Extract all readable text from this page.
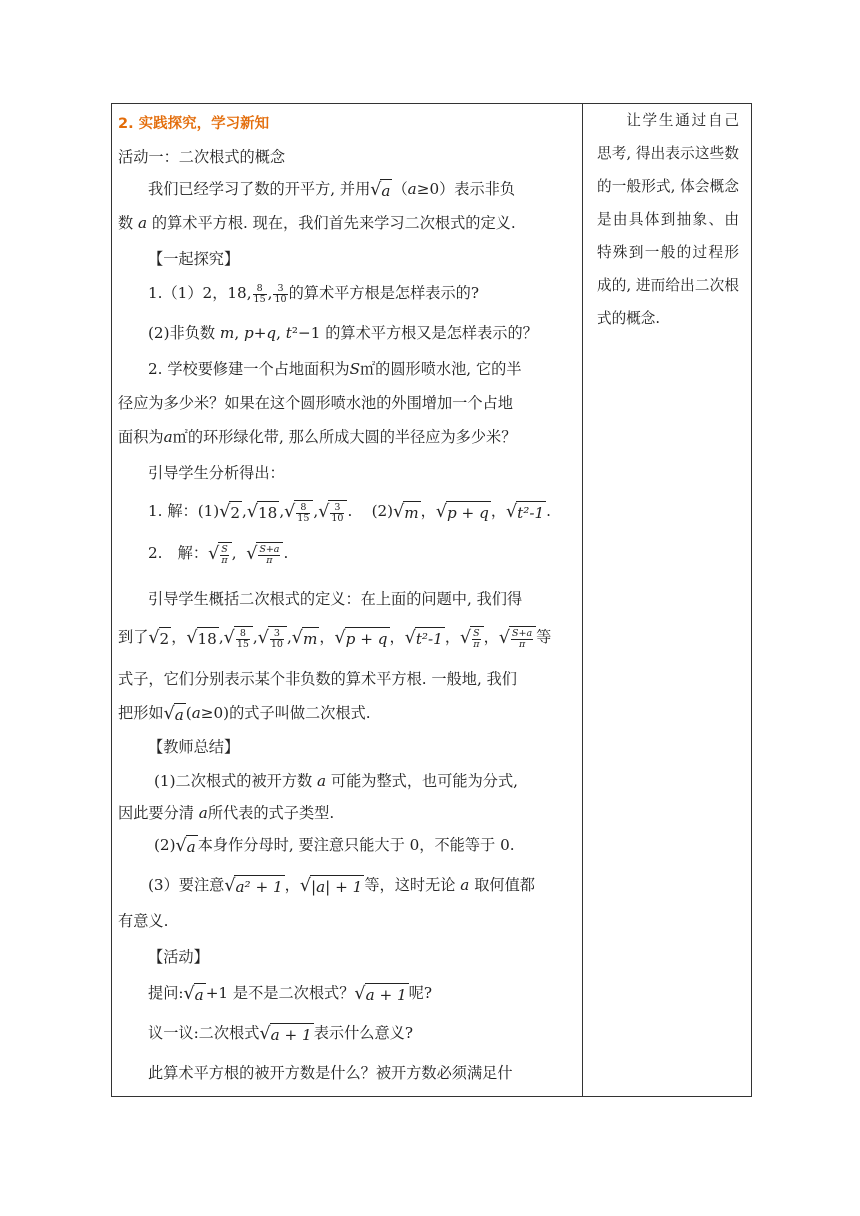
2. 实践探究，学习新知
活动一：二次根式的概念
我们已经学习了数的开平方, 并用√a （a≥0）表示非负
数 a 的算术平方根. 现在，我们首先来学习二次根式的定义.
【一起探究】
1.（1）2，18, $\frac{8}{15}$ , $\frac{3}{10}$ 的算术平方根是怎样表示的?
(2)非负数 m, p+q, t²−1 的算术平方根又是怎样表示的？
2. 学校要修建一个占地面积为S㎡的圆形喷水池, 它的半
径应为多少米？如果在这个圆形喷水池的外围增加一个占地
面积为a㎡的环形绿化带, 那么所成大圆的半径应为多少米？
引导学生分析得出：
1. 解：(1)√2 ,√18 ,√ $\frac{8}{15}$ ,√ $\frac{3}{10}$ .    (2)√m ，√p + q ，√t²-1 .
2.　解：√ $\frac{S}{\pi}$ ,  √ $\frac{S+a}{\pi}$ .
引导学生概括二次根式的定义：在上面的问题中, 我们得
到了√2 ，√18 ,√ $\frac{8}{15}$ ,√ $\frac{3}{10} ,√m$ ，√p + q ，√t²-1 ，√ $\frac{S}{\pi}$ ，√ $\frac{S+a}{\pi}$ 等
式子，它们分别表示某个非负数的算术平方根. 一般地, 我们
把形如√a (a≥0)的式子叫做二次根式.
【教师总结】
(1)二次根式的被开方数 a 可能为整式，也可能为分式,
因此要分清 a所代表的式子类型.
(2)√a 本身作分母时, 要注意只能大于 0，不能等于 0.
(3）要注意√a² + 1 ，√|a| + 1 等，这时无论 a 取何值都
有意义.
【活动】
提问:√a +1 是不是二次根式？√a + 1 呢?
议一议:二次根式√a + 1 表示什么意义?
此算术平方根的被开方数是什么？被开方数必须满足什

让学生通过自己思考, 得出表示这些数的一般形式, 体会概念是由具体到抽象、由特殊到一般的过程形成的, 进而给出二次根式的概念.
